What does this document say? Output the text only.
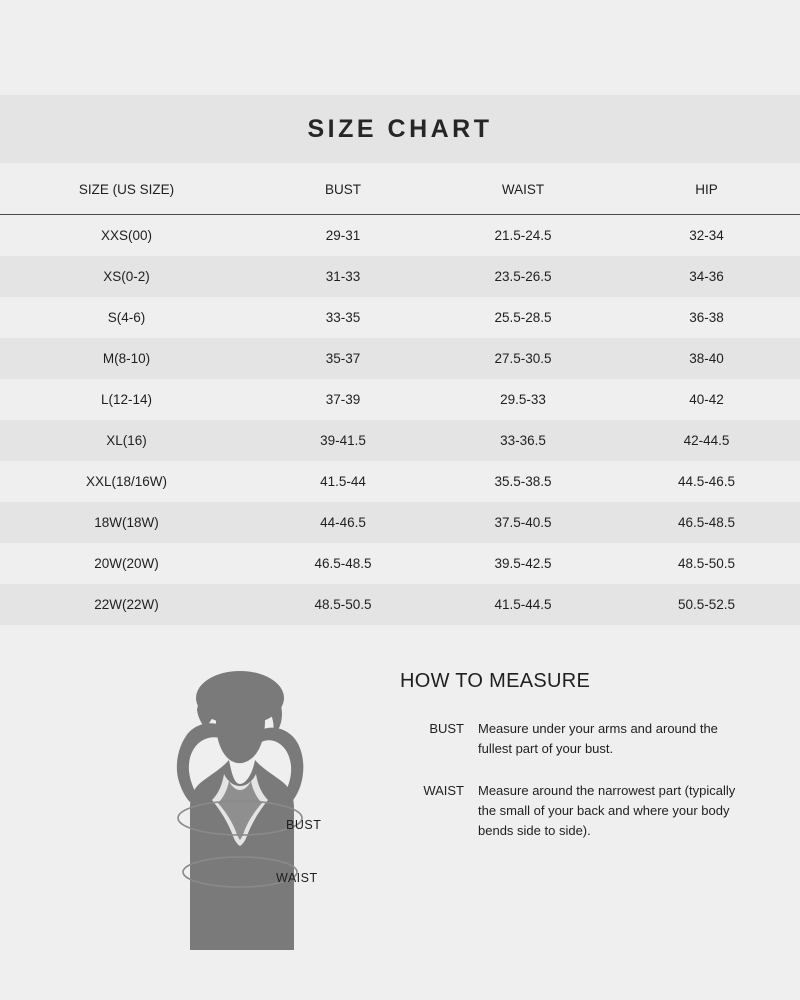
SIZE CHART
SIZE (US SIZE)	BUST	WAIST	HIP
XXS(00)	29-31	21.5-24.5	32-34
XS(0-2)	31-33	23.5-26.5	34-36
S(4-6)	33-35	25.5-28.5	36-38
M(8-10)	35-37	27.5-30.5	38-40
L(12-14)	37-39	29.5-33	40-42
XL(16)	39-41.5	33-36.5	42-44.5
XXL(18/16W)	41.5-44	35.5-38.5	44.5-46.5
18W(18W)	44-46.5	37.5-40.5	46.5-48.5
20W(20W)	46.5-48.5	39.5-42.5	48.5-50.5
22W(22W)	48.5-50.5	41.5-44.5	50.5-52.5
BUST
WAIST
HOW TO MEASURE
BUST	Measure under your arms and around the fullest part of your bust.
WAIST	Measure around the narrowest part (typically the small of your back and where your body bends side to side).
